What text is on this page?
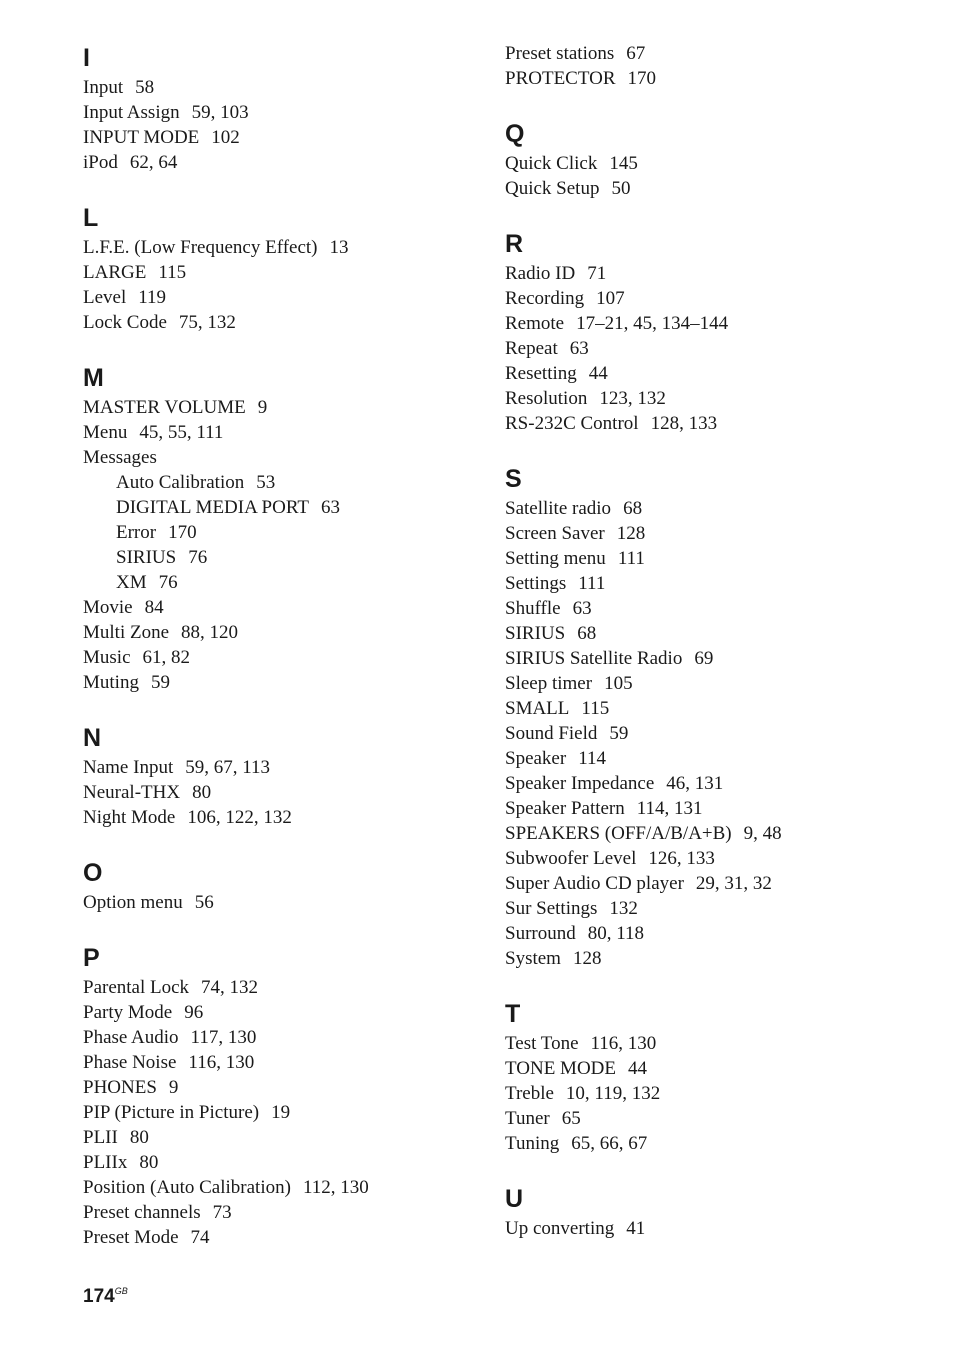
I
Input 58
Input Assign 59, 103
INPUT MODE 102
iPod 62, 64
L
L.F.E. (Low Frequency Effect) 13
LARGE 115
Level 119
Lock Code 75, 132
M
MASTER VOLUME 9
Menu 45, 55, 111
Messages
Auto Calibration 53
DIGITAL MEDIA PORT 63
Error 170
SIRIUS 76
XM 76
Movie 84
Multi Zone 88, 120
Music 61, 82
Muting 59
N
Name Input 59, 67, 113
Neural-THX 80
Night Mode 106, 122, 132
O
Option menu 56
P
Parental Lock 74, 132
Party Mode 96
Phase Audio 117, 130
Phase Noise 116, 130
PHONES 9
PIP (Picture in Picture) 19
PLII 80
PLIIx 80
Position (Auto Calibration) 112, 130
Preset channels 73
Preset Mode 74
Preset stations 67
PROTECTOR 170
Q
Quick Click 145
Quick Setup 50
R
Radio ID 71
Recording 107
Remote 17–21, 45, 134–144
Repeat 63
Resetting 44
Resolution 123, 132
RS-232C Control 128, 133
S
Satellite radio 68
Screen Saver 128
Setting menu 111
Settings 111
Shuffle 63
SIRIUS 68
SIRIUS Satellite Radio 69
Sleep timer 105
SMALL 115
Sound Field 59
Speaker 114
Speaker Impedance 46, 131
Speaker Pattern 114, 131
SPEAKERS (OFF/A/B/A+B) 9, 48
Subwoofer Level 126, 133
Super Audio CD player 29, 31, 32
Sur Settings 132
Surround 80, 118
System 128
T
Test Tone 116, 130
TONE MODE 44
Treble 10, 119, 132
Tuner 65
Tuning 65, 66, 67
U
Up converting 41
$174^{GB}$
